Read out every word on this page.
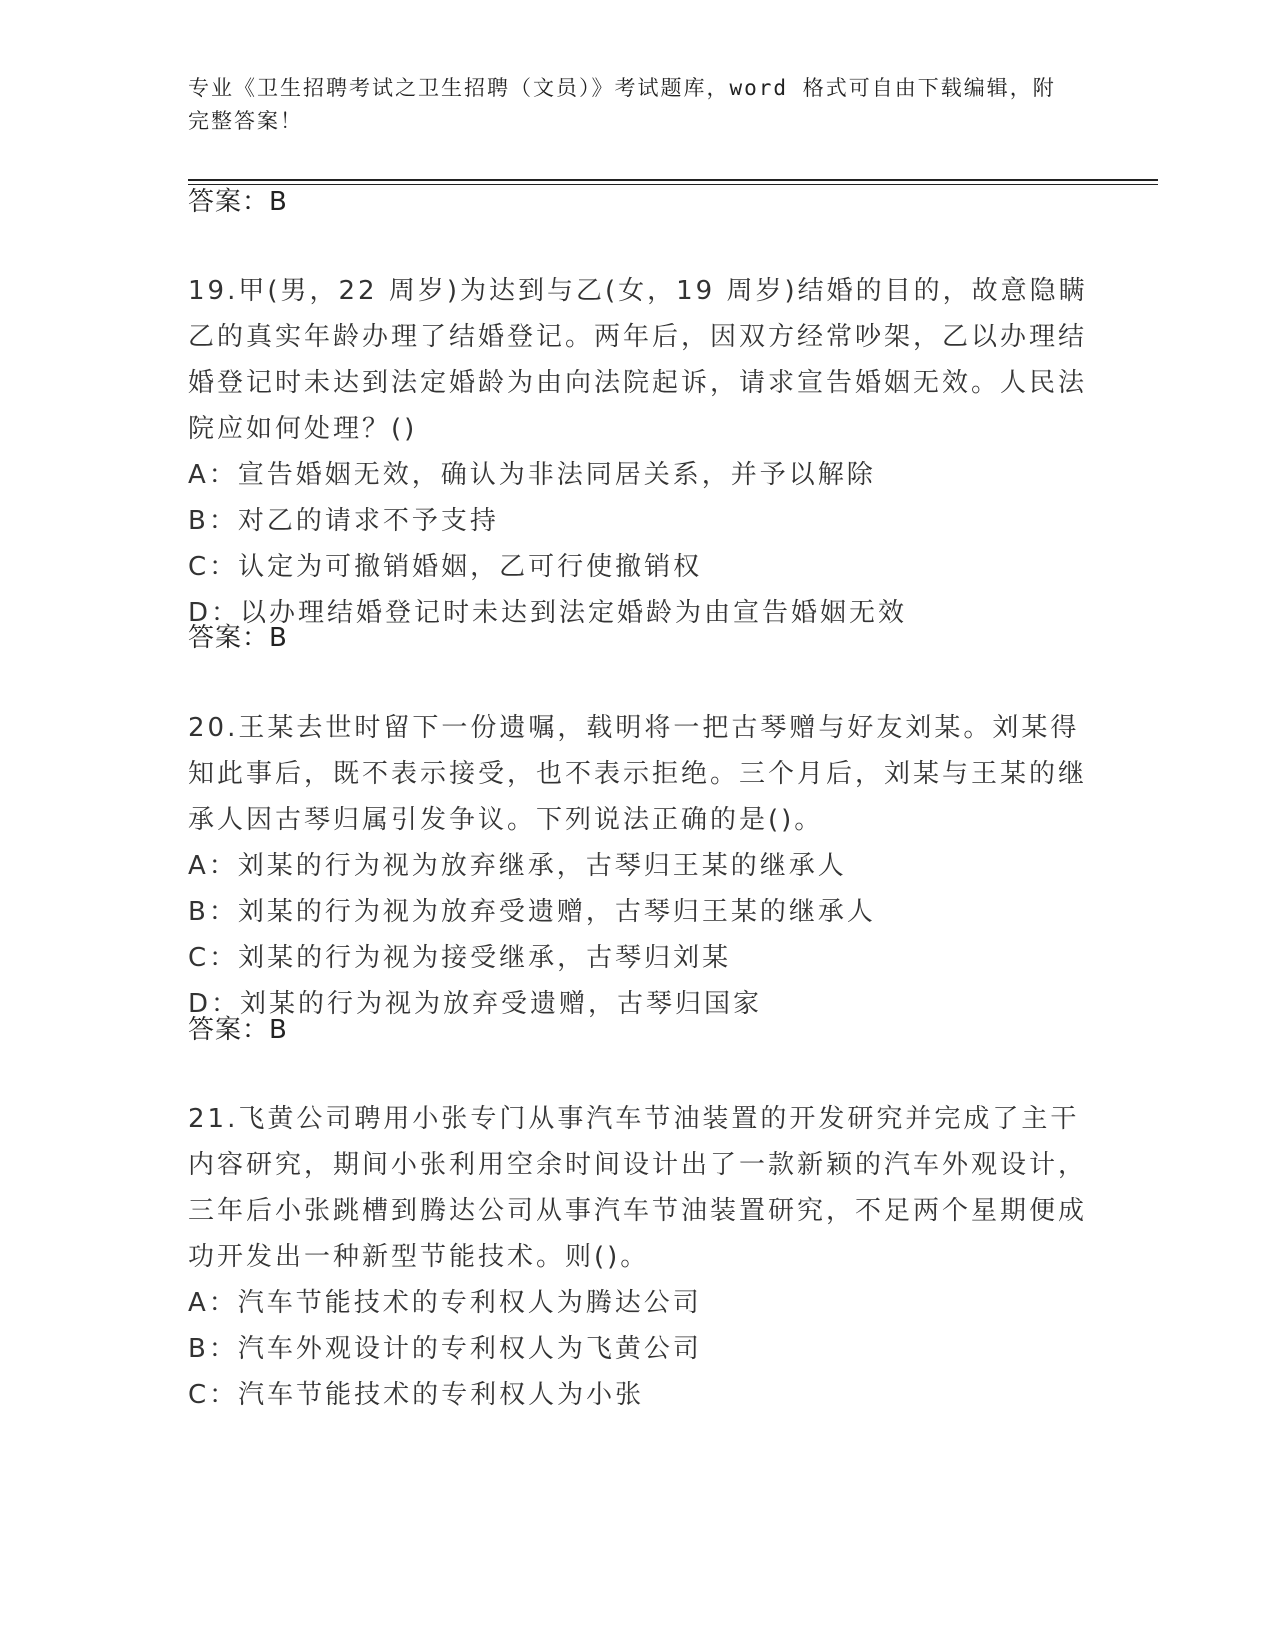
专业《卫生招聘考试之卫生招聘（文员）》考试题库，word 格式可自由下载编辑，附完整答案！
答案：B

19.甲(男，22 周岁)为达到与乙(女，19 周岁)结婚的目的，故意隐瞒乙的真实年龄办理了结婚登记。两年后，因双方经常吵架，乙以办理结婚登记时未达到法定婚龄为由向法院起诉，请求宣告婚姻无效。人民法院应如何处理？()

A：宣告婚姻无效，确认为非法同居关系，并予以解除

B：对乙的请求不予支持

C：认定为可撤销婚姻，乙可行使撤销权

D：以办理结婚登记时未达到法定婚龄为由宣告婚姻无效

答案：B

20.王某去世时留下一份遗嘱，载明将一把古琴赠与好友刘某。刘某得知此事后，既不表示接受，也不表示拒绝。三个月后，刘某与王某的继承人因古琴归属引发争议。下列说法正确的是()。

A：刘某的行为视为放弃继承，古琴归王某的继承人

B：刘某的行为视为放弃受遗赠，古琴归王某的继承人

C：刘某的行为视为接受继承，古琴归刘某

D：刘某的行为视为放弃受遗赠，古琴归国家

答案：B

21.飞黄公司聘用小张专门从事汽车节油装置的开发研究并完成了主干内容研究，期间小张利用空余时间设计出了一款新颖的汽车外观设计，三年后小张跳槽到腾达公司从事汽车节油装置研究，不足两个星期便成功开发出一种新型节能技术。则()。

A：汽车节能技术的专利权人为腾达公司

B：汽车外观设计的专利权人为飞黄公司

C：汽车节能技术的专利权人为小张
